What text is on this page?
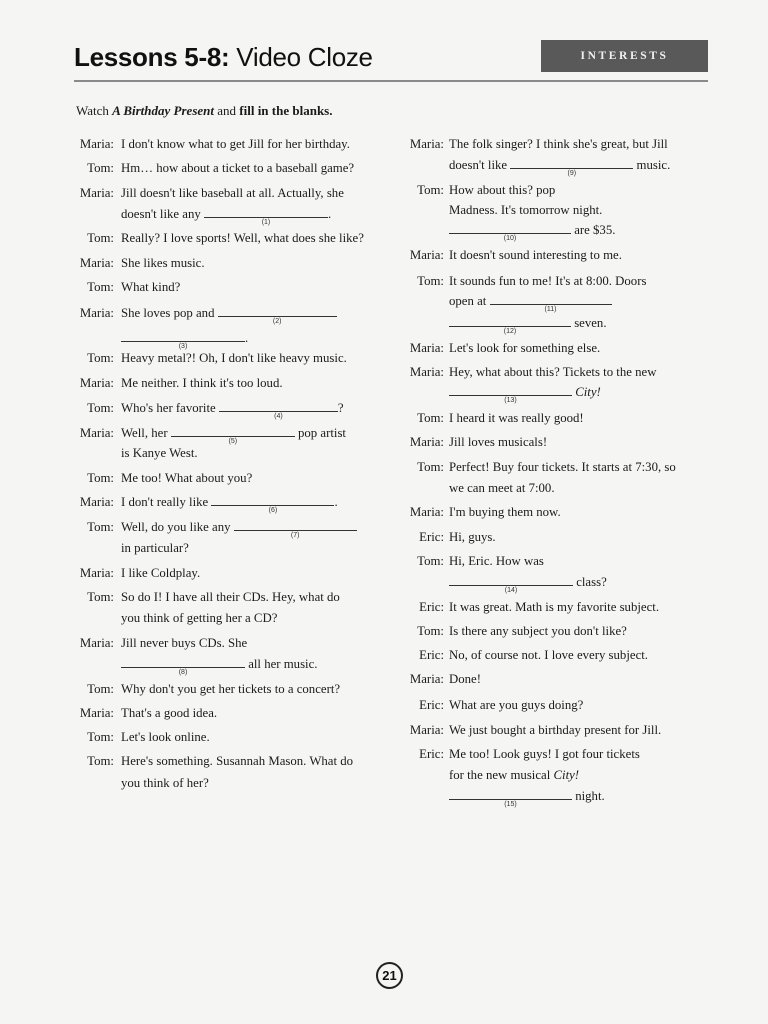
Lessons 5-8: Video Cloze	INTERESTS
Watch A Birthday Present and fill in the blanks.
Maria: I don't know what to get Jill for her birthday.
Tom: Hm… how about a ticket to a baseball game?
Maria: Jill doesn't like baseball at all. Actually, she
doesn't like any
(1)
.
Tom: Really? I love sports! Well, what does she like?
Maria: She likes music.
Tom: What kind?
Maria: She loves pop and
(2)
(3)
.
Tom: Heavy metal?! Oh, I don't like heavy music.
Maria: Me neither. I think it's too loud.
Tom: Who's her favorite
(4)
?
Maria: Well, her
(5)
pop artist
is Kanye West.
Tom: Me too! What about you?
Maria: I don't really like
(6)
.
Tom: Well, do you like any
(7)
in particular?
Maria: I like Coldplay.
Tom: So do I! I have all their CDs. Hey, what do
you think of getting her a CD?
Maria: Jill never buys CDs. She
(8)
all her music.
Tom: Why don't you get her tickets to a concert?
Maria: That's a good idea.
Tom: Let's look online.
Tom: Here's something. Susannah Mason. What do
you think of her?
Maria: The folk singer? I think she's great, but Jill
doesn't like
(9)
music.
Tom: How about this? pop
Madness. It's tomorrow night.
(10)
are $35.
Maria: It doesn't sound interesting to me.
Tom: It sounds fun to me! It's at 8:00. Doors
open at
(11)
(12)
seven.
Maria: Let's look for something else.
Maria: Hey, what about this? Tickets to the new
(13)
City!
Tom: I heard it was really good!
Maria: Jill loves musicals!
Tom: Perfect! Buy four tickets. It starts at 7:30, so
we can meet at 7:00.
Maria: I'm buying them now.
Eric: Hi, guys.
Tom: Hi, Eric. How was
(14)
class?
Eric: It was great. Math is my favorite subject.
Tom: Is there any subject you don't like?
Eric: No, of course not. I love every subject.
Maria: Done!
Eric: What are you guys doing?
Maria: We just bought a birthday present for Jill.
Eric: Me too! Look guys! I got four tickets
for the new musical City!
(15)
night.
21
